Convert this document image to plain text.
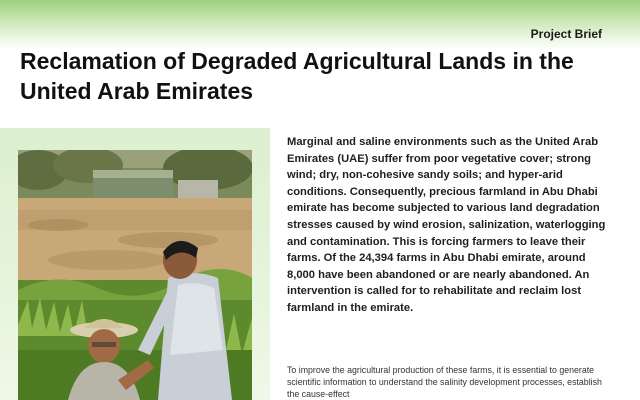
Project Brief
Reclamation of Degraded Agricultural Lands in the United Arab Emirates

Marginal and saline environments such as the United Arab Emirates (UAE) suffer from poor vegetative cover; strong wind; dry, non-cohesive sandy soils; and hyper-arid conditions. Consequently, precious farmland in Abu Dhabi emirate has become subjected to various land degradation stresses caused by wind erosion, salinization, waterlogging and contamination. This is forcing farmers to leave their farms. Of the 24,394 farms in Abu Dhabi emirate, around 8,000 have been abandoned or are nearly abandoned. An intervention is called for to rehabilitate and reclaim lost farmland in the emirate.

To improve the agricultural production of these farms, it is essential to generate scientific information to understand the salinity development processes, establish the cause-effect
